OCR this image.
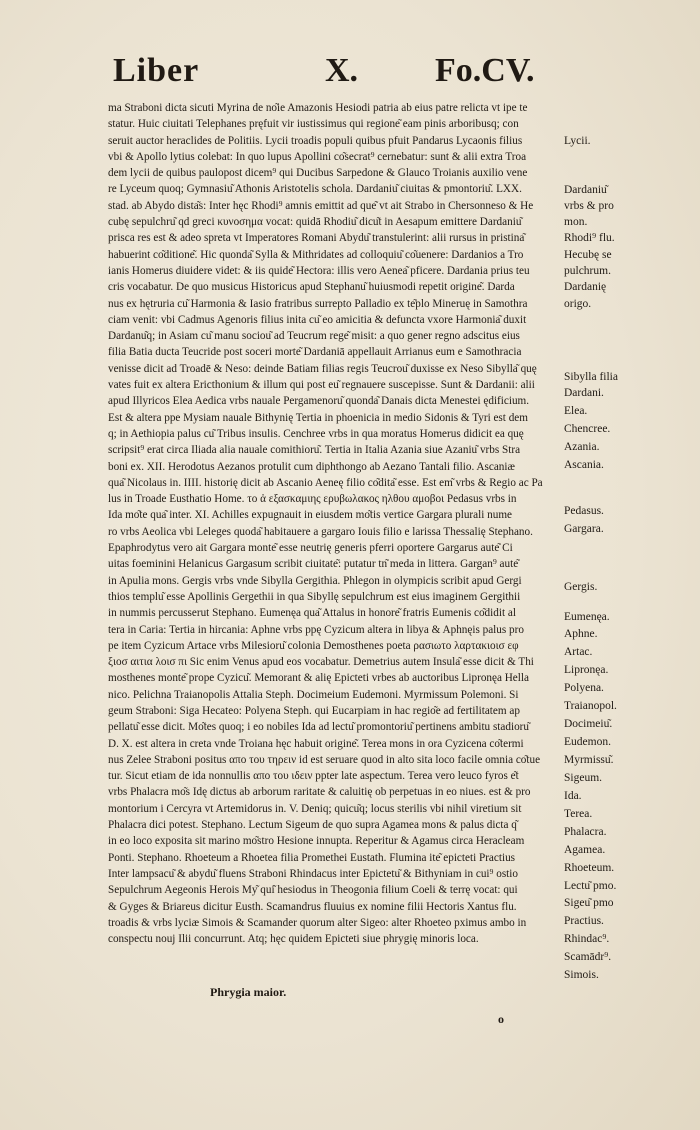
Liber	X. Fo.CV.
ma Straboni dicta sicuti Myrina de no͂ie Amazonis Hesiodi patria ab eius patre relicta vt ipe te
statur. Huic ciuitati Telephanes pręfuit vir iustissimus qui regione͂ eam pinis arboribusq; con
seruit auctor heraclides de Politiis. Lycii troadis populi quibus pfuit Pandarus Lycaonis filius
vbi & Apollo lytius colebat: In quo lupus Apollini co͂secrat⁹ cernebatur: sunt & alii extra Troa
dem lycii de quibus paulopost dicem⁹ qui Ducibus Sarpedone & Glauco Troianis auxilio vene
re Lyceum quoq; Gymnasiu͂ Athonis Aristotelis schola. Dardaniu͂ ciuitas & pmontoriu͂. LXX.
stad. ab Abydo dista͂s: Inter hęc Rhodi⁹ amnis emittit ad que͂ vt ait Strabo in Chersonneso & He
cubę sepulchru͂ qd greci κυνοσημα vocat: quidā Rhodiu͂ dicu͂t in Aesapum emittere Dardaniu͂
prisca res est & adeo spreta vt Imperatores Romani Abydu͂ transtulerint: alii rursus in pristina͂
habuerint co͂ditione͂. Hic quonda͂ Sylla & Mithridates ad colloquiu͂ co͂uenere: Dardanios a Tro
ianis Homerus diuidere videt: & iis quide͂ Hectora: illis vero Aenea͂ pficere. Dardania prius teu
cris vocabatur. De quo musicus Historicus apud Stephanu͂ huiusmodi repetit origine͂. Darda
nus ex hętruria cu͂ Harmonia & Iasio fratribus surrepto Palladio ex te͂plo Mineruę in Samothra
ciam venit: vbi Cadmus Agenoris filius inita cu͂ eo amicitia & defuncta vxore Harmonia͂ duxit
Dardanu͂q; in Asiam cu͂ manu sociou͂ ad Teucrum rege͂ misit: a quo gener regno adscitus eius
filia Batia ducta Teucride post soceri morte͂ Dardaniā appellauit Arrianus eum e Samothracia
venisse dicit ad Troadē & Neso: deinde Batiam filias regis Teucrou͂ duxisse ex Neso Sibylla͂ quę
vates fuit ex altera Ericthonium & illum qui post eu͂ regnauere suscepisse. Sunt & Dardanii: alii
apud Illyricos Elea Aedica vrbs nauale Pergamenoru͂ quonda͂ Danais dicta Menestei ędificium.
Est & altera ppe Mysiam nauale Bithynię Tertia in phoenicia in medio Sidonis & Tyri est dem
q; in Aethiopia palus cu͂ Tribus insulis. Cenchree vrbs in qua moratus Homerus didicit ea quę
scripsit⁹ erat circa Iliada alia nauale comithioru͂. Tertia in Italia Azania siue Azaniu͂ vrbs Stra
boni ex. XII. Herodotus Aezanos protulit cum diphthongo ab Aezano Tantali filio. Ascaniæ
qua͂ Nicolaus in. IIII. historię dicit ab Ascanio Aeneę filio co͂dita͂ esse. Est em͂ vrbs & Regio ac Pa
lus in Troade Eusthatio Home. το ἀ εξασκαμιης ερυβωλακος ηλθου αμοβοι Pedasus vrbs in
Ida mo͂te qua͂ inter. XI. Achilles expugnauit in eiusdem mo͂tis vertice Gargara plurali nume
ro vrbs Aeolica vbi Leleges quoda͂ habitauere a gargaro Iouis filio e larissa Thessalię Stephano.
Epaphrodytus vero ait Gargara monte͂ esse neutrię generis pferri oportere Gargarus aute͂ Ci
uitas foeminini Helanicus Gargasum scribit ciuitate͂: putatur tn͂ meda in littera. Gargan⁹ aute͂
in Apulia mons. Gergis vrbs vnde Sibylla Gergithia. Phlegon in olympicis scribit apud Gergi
thios templu͂ esse Apollinis Gergethii in qua Sibyllę sepulchrum est eius imaginem Gergithii
in nummis percusserut Stephano. Eumenęa qua͂ Attalus in honore͂ fratris Eumenis co͂didit al
tera in Caria: Tertia in hircania: Aphne vrbs ppę Cyzicum altera in libya & Aphnęis palus pro
pe item Cyzicum Artace vrbs Milesioru͂ colonia Demosthenes poeta ρασιωτο λαρτακιοισ εφ
ξιοσ αιτια λοισ πι Sic enim Venus apud eos vocabatur. Demetrius autem Insula͂ esse dicit & Thi
mosthenes monte͂ prope Cyzicu͂. Memorant & alię Epicteti vrbes ab auctoribus Lipronęa Hella
nico. Pelichna Traianopolis Attalia Steph. Docimeium Eudemoni. Myrmissum Polemoni. Si
geum Straboni: Siga Hecateo: Polyena Steph. qui Eucarpiam in hac regio͂e ad fertilitatem ap
pellatu͂ esse dicit. Mo͂tes quoq; i eo nobiles Ida ad lectu͂ promontoriu͂ pertinens ambitu stadioru͂
D. X. est altera in creta vnde Troiana hęc habuit origine͂. Terea mons in ora Cyzicena co͂termi
nus Zelee Straboni positus απο του τηρειν id est seruare quod in alto sita loco facile omnia co͂tue
tur. Sicut etiam de ida nonnullis απο του ιδειν ppter late aspectum. Terea vero leuco fyros e͂t
vrbs Phalacra mo͂s Idę dictus ab arborum raritate & caluitię ob perpetuas in eo niues. est & pro
montorium i Cercyra vt Artemidorus in. V. Deniq; quicu͂q; locus sterilis vbi nihil viretium sit
Phalacra dici potest. Stephano. Lectum Sigeum de quo supra Agamea mons & palus dicta q͂
in eo loco exposita sit marino mo͂stro Hesione innupta. Reperitur & Agamus circa Heracleam
Ponti. Stephano. Rhoeteum a Rhoetea filia Promethei Eustath. Flumina ite͂ epicteti Practius
Inter lampsacu͂ & abydu͂ fluens Straboni Rhindacus inter Epictetu͂ & Bithyniam in cui⁹ ostio
Sepulchrum Aegeonis Herois My͂ qui͂ hesiodus in Theogonia filium Coeli & terrę vocat: qui
& Gyges & Briareus dicitur Eusth. Scamandrus fluuius ex nomine filii Hectoris Xantus flu.
troadis & vrbs lyciæ Simois & Scamander quorum alter Sigeo: alter Rhoeteo pximus ambo in
conspectu nouj Ilii concurrunt. Atq; hęc quidem Epicteti siue phrygię minoris loca.
Lycii.
Dardaniu͂
vrbs & pro
mon.
Rhodi⁹ flu.
Hecubę se
pulchrum.
Dardanię
origo.
Sibylla filia
Dardani.
Elea.
Chencree.
Azania.
Ascania.
Pedasus.
Gargara.
Gergis.
Eumenęa.
Aphne.
Artac.
Lipronęa.
Polyena.
Traianopol.
Docimeiu͂.
Eudemon.
Myrmissu͂.
Sigeum.
Ida.
Terea.
Phalacra.
Agamea.
Rhoeteum.
Lectu͂ pmo.
Sigeu͂ pmo
Practius.
Rhindac⁹.
Scamādr⁹.
Simois.
Phrygia maior.
o
